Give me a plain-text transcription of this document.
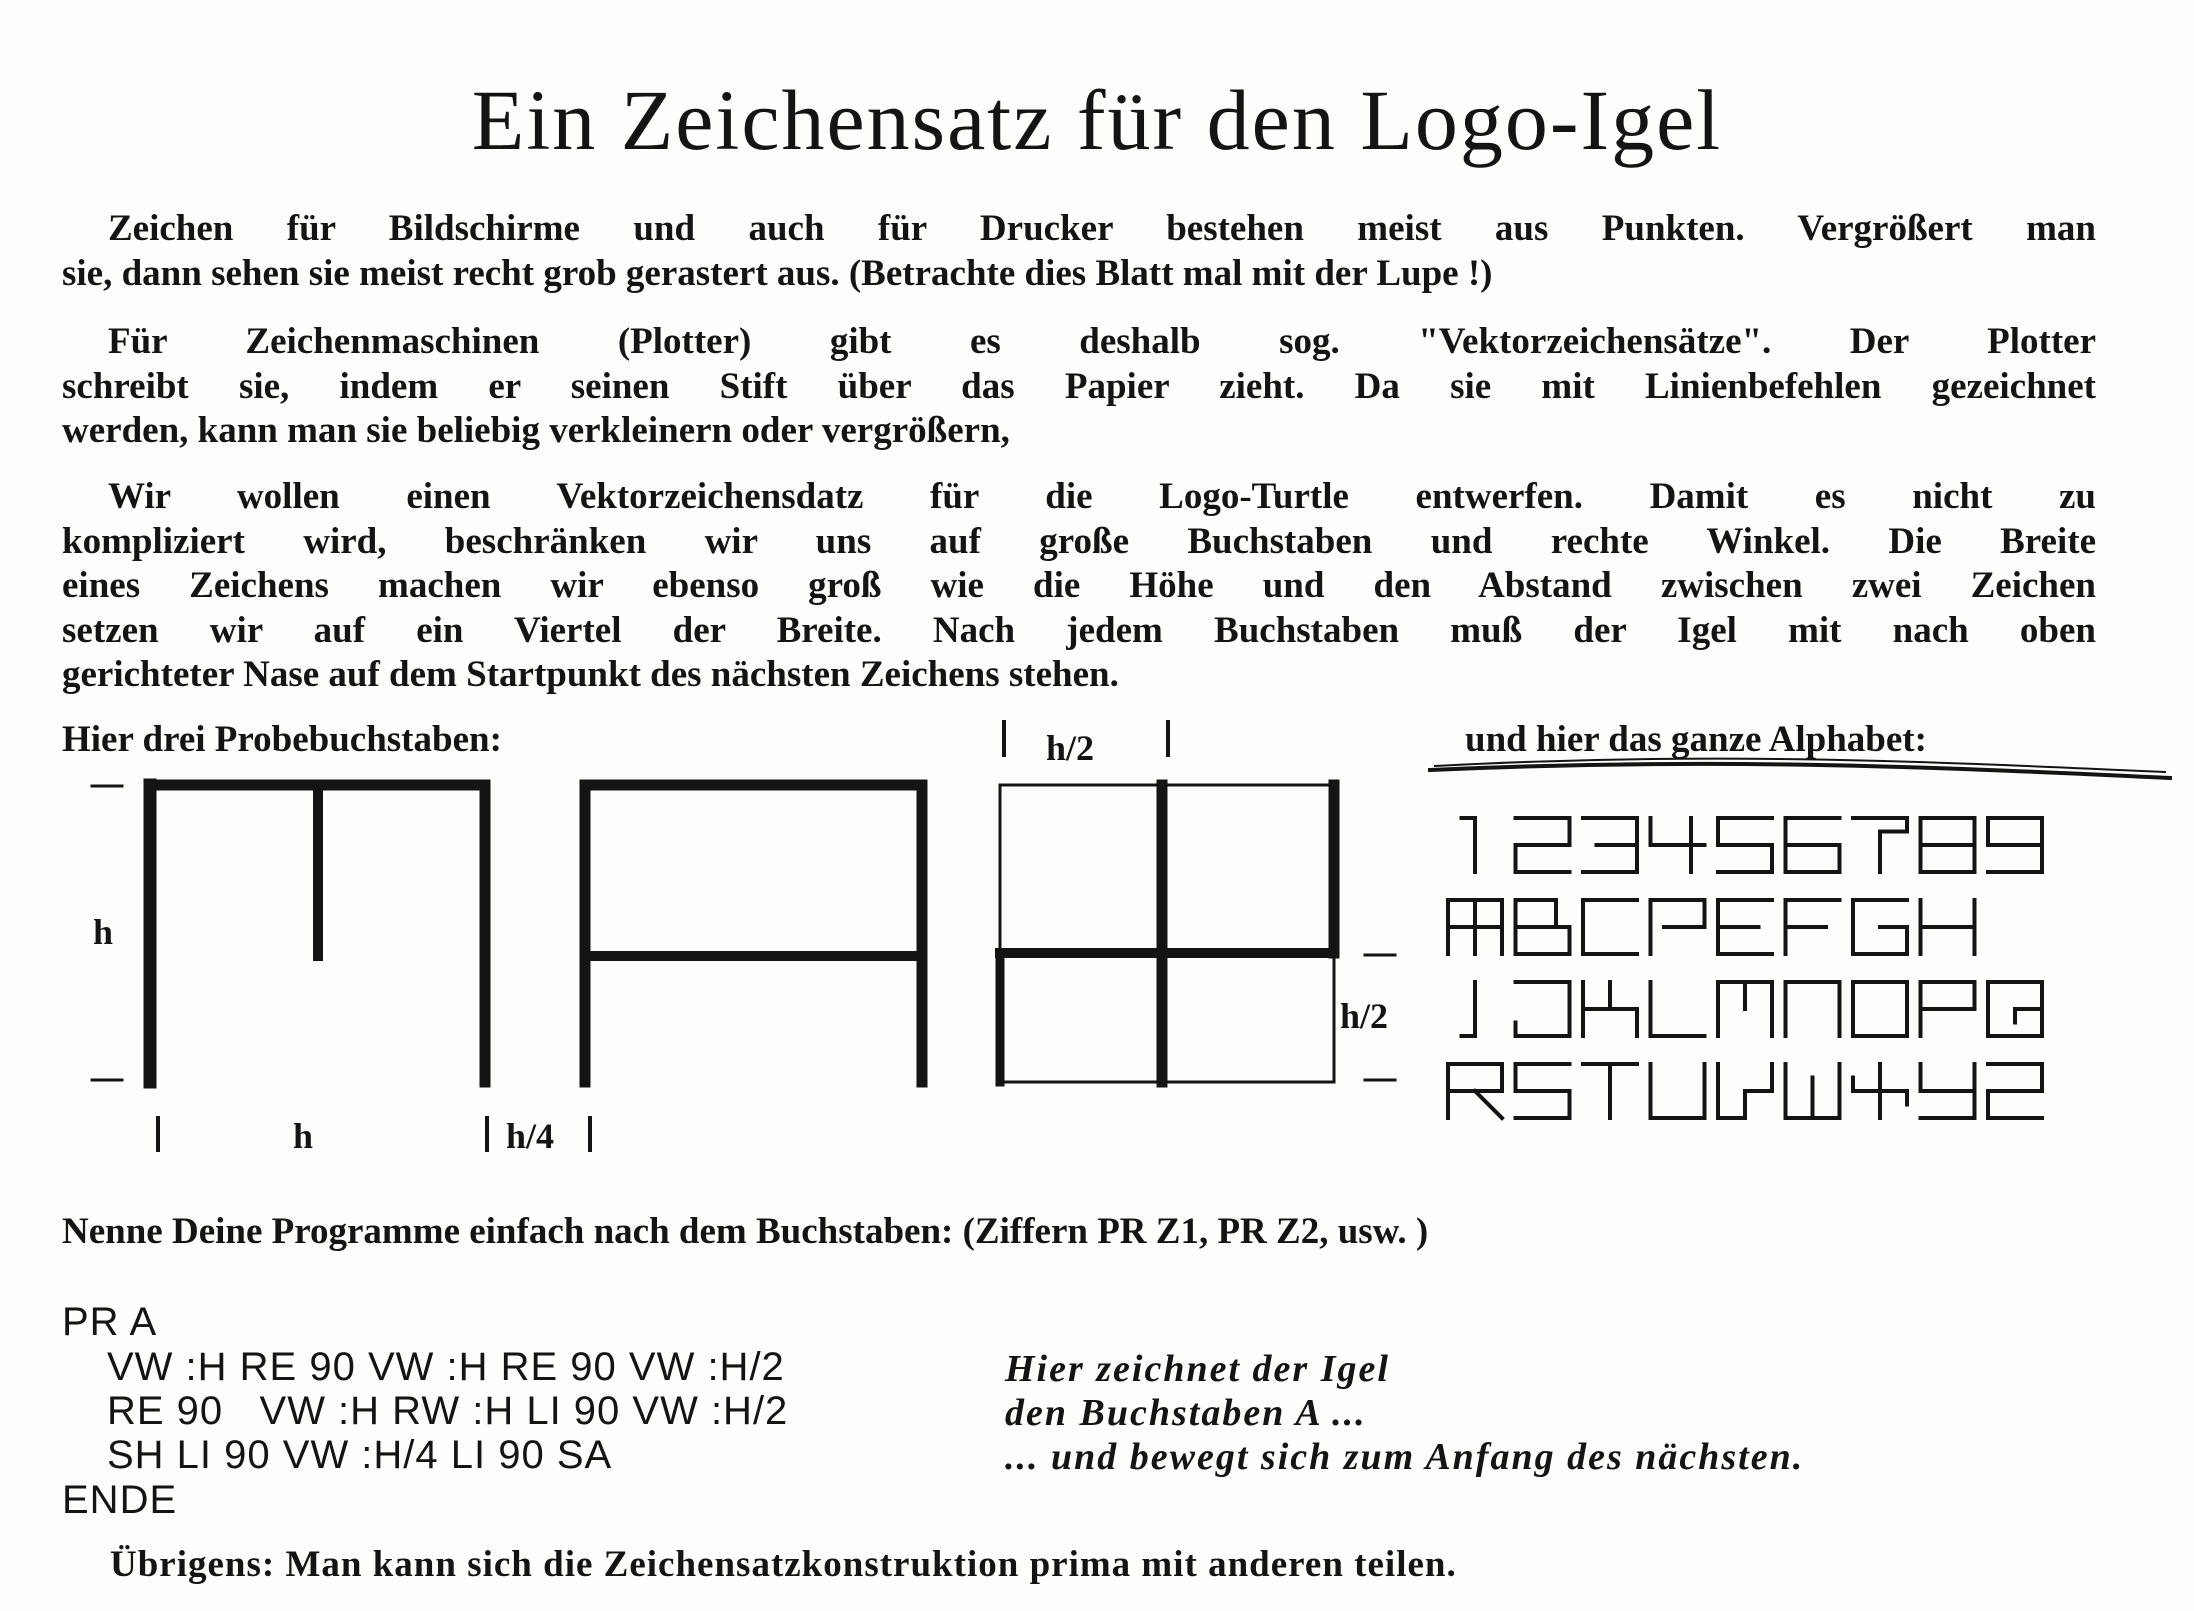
Ein Zeichensatz für den Logo-Igel
Zeichen für Bildschirme und auch für Drucker bestehen meist aus Punkten. Vergrößert man
sie, dann sehen sie meist recht grob gerastert aus. (Betrachte dies Blatt mal mit der Lupe !)
Für Zeichenmaschinen (Plotter) gibt es deshalb sog. "Vektorzeichensätze". Der Plotter
schreibt sie, indem er seinen Stift über das Papier zieht. Da sie mit Linienbefehlen gezeichnet
werden, kann man sie beliebig verkleinern oder vergrößern,
Wir wollen einen Vektorzeichensdatz für die Logo-Turtle entwerfen. Damit es nicht zu
kompliziert wird, beschränken wir uns auf große Buchstaben und rechte Winkel. Die Breite
eines Zeichens machen wir ebenso groß wie die Höhe und den Abstand zwischen zwei Zeichen
setzen wir auf ein Viertel der Breite. Nach jedem Buchstaben muß der Igel mit nach oben
gerichteter Nase auf dem Startpunkt des nächsten Zeichens stehen.
Hier drei Probebuchstaben:	und hier das ganze Alphabet:
h
h	h/4
h/2
h/2
Nenne Deine Programme einfach nach dem Buchstaben: (Ziffern PR Z1, PR Z2, usw. )
PR A
VW :H RE 90 VW :H RE 90 VW :H/2
RE 90   VW :H RW :H LI 90 VW :H/2
SH LI 90 VW :H/4 LI 90 SA
ENDE
Hier zeichnet der Igel
den Buchstaben A ...
... und bewegt sich zum Anfang des nächsten.
Übrigens: Man kann sich die Zeichensatzkonstruktion prima mit anderen teilen.
